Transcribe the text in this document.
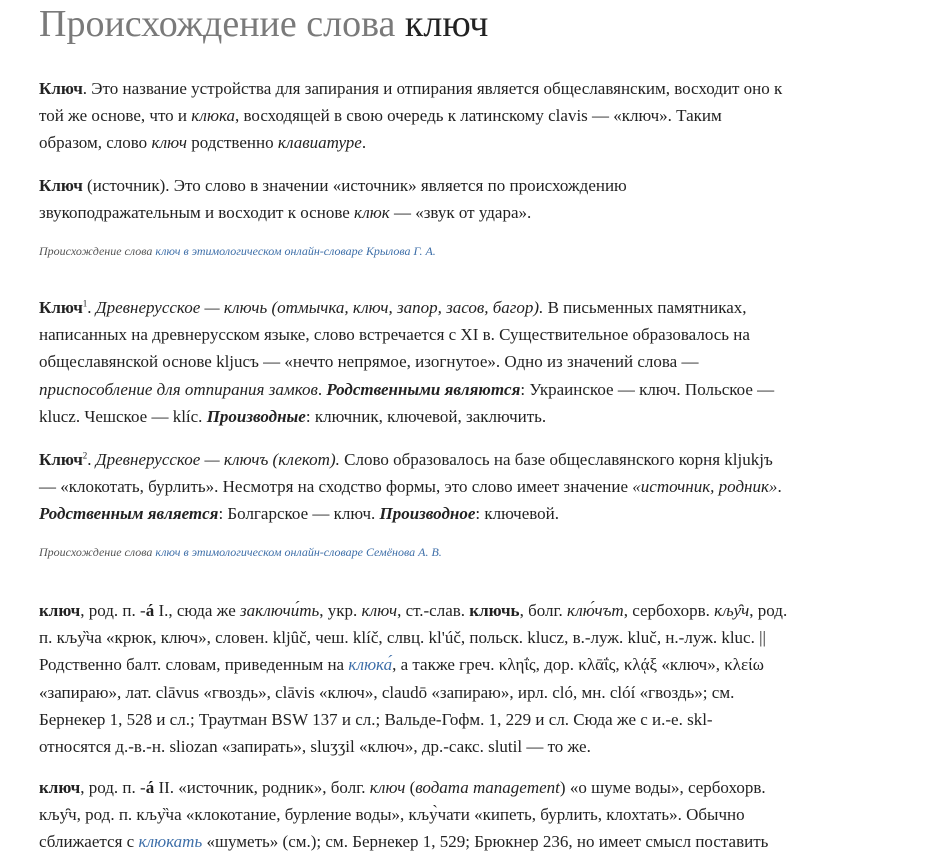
Происхождение слова ключ

Ключ. Это название устройства для запирания и отпирания является общеславянским, восходит оно к
той же основе, что и клюка, восходящей в свою очередь к латинскому clavis — «ключ». Таким
образом, слово ключ родственно клавиатуре.

Ключ (источник). Это слово в значении «источник» является по происхождению
звукоподражательным и восходит к основе клюк — «звук от удара».

Происхождение слова ключ в этимологическом онлайн-словаре Крылова Г. А.

Ключ$^1$. Древнерусское — ключь (отмычка, ключ, запор, засов, багор). В письменных памятниках,
написанных на древнерусском языке, слово встречается с XI в. Существительное образовалось на
общеславянской основе kljucъ — «нечто непрямое, изогнутое». Одно из значений слова —
приспособление для отпирания замков. Родственными являются: Украинское — ключ. Польское —
klucz. Чешское — klíc. Производные: ключник, ключевой, заключить.

Ключ$^2$. Древнерусское — ключъ (клекот). Слово образовалось на базе общеславянского корня kljukjъ
— «клокотать, бурлить». Несмотря на сходство формы, это слово имеет значение «источник, родник».
Родственным является: Болгарское — ключ. Производное: ключевой.

Происхождение слова ключ в этимологическом онлайн-словаре Семёнова А. В.

ключ, род. п. -á I., сюда же заключи́ть, укр. ключ, ст.-слав. ключь, болг. клю́чът, сербохорв. кљу̑ч, род.
п. кљу̏ча «крюк, ключ», словен. kljȗč, чеш. klíč, слвц. kl'úč, польск. klucz, в.-луж. kluč, н.-луж. kluc. ||
Родственно балт. словам, приведенным на клюка́, а также греч. κληΐς, дор. κλᾱΐς, κλᾴξ «ключ», κλείω
«запираю», лат. clāvus «гвоздь», clāvis «ключ», claudō «запираю», ирл. cló, мн. clóí «гвоздь»; см.
Бернекер 1, 528 и сл.; Траутман BSW 137 и сл.; Вальде-Гофм. 1, 229 и сл. Сюда же с и.-е. skl-
относятся д.-в.-н. sliozan «запирать», sluʒʒil «ключ», др.-сакс. slutil — то же.

ключ, род. п. -á II. «источник, родник», болг. ключ (водата management) «о шуме воды», сербохорв.
кљу̑ч, род. п. кљу̏ча «клокотание, бурление воды», кљу̀чати «кипеть, бурлить, клохтать». Обычно
сближается с клюкать «шуметь» (см.); см. Бернекер 1, 529; Брюкнер 236, но имеет смысл поставить
